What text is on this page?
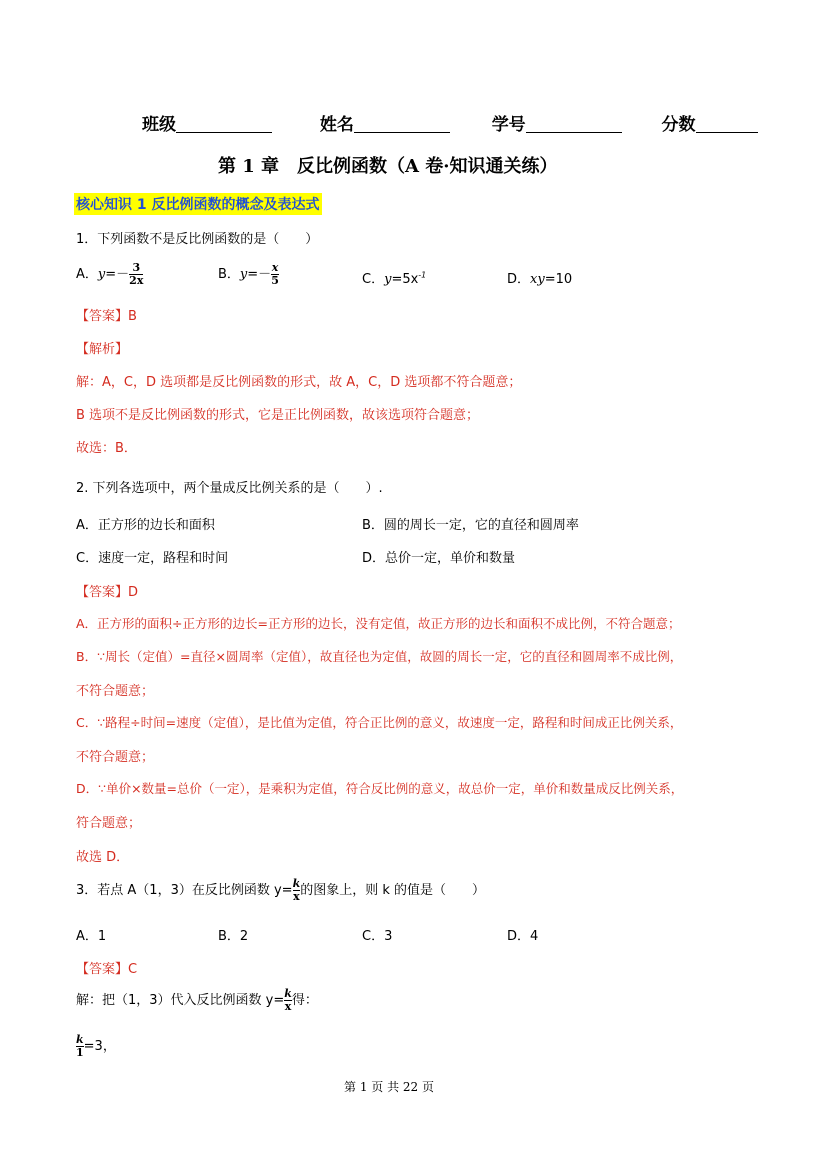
班级	姓名	学号	分数
第 1 章　反比例函数（A 卷·知识通关练）
核心知识 1 反比例函数的概念及表达式
1．下列函数不是反比例函数的是（　　）
A．$y=- \frac{3}{2x}$	B．$y=- \frac{x}{5}$	C．$y=5x^{-1}$	D．xy=10
【答案】B
【解析】
解：A，C，D 选项都是反比例函数的形式，故 A，C，D 选项都不符合题意；
B 选项不是反比例函数的形式，它是正比例函数，故该选项符合题意；
故选：B．
2. 下列各选项中，两个量成反比例关系的是（　　）.
A．正方形的边长和面积	B．圆的周长一定，它的直径和圆周率
C．速度一定，路程和时间	D．总价一定，单价和数量
【答案】D
A．正方形的面积÷正方形的边长=正方形的边长，没有定值，故正方形的边长和面积不成比例，不符合题意；
B．∵周长（定值）=直径×圆周率（定值），故直径也为定值，故圆的周长一定，它的直径和圆周率不成比例，
不符合题意；
C．∵路程÷时间=速度（定值），是比值为定值，符合正比例的意义，故速度一定，路程和时间成正比例关系，
不符合题意；
D．∵单价×数量=总价（一定），是乘积为定值，符合反比例的意义，故总价一定，单价和数量成反比例关系，
符合题意；
故选 D．
3．若点 A（1，3）在反比例函数 $y= \frac{k}{x}$ 的图象上，则 k 的值是（　　）
A．1	B．2	C．3	D．4
【答案】C
解：把（1，3）代入反比例函数 $y= \frac{k}{x}$ 得：
$\frac{k}{1} =3$，
第 1 页 共 22 页
